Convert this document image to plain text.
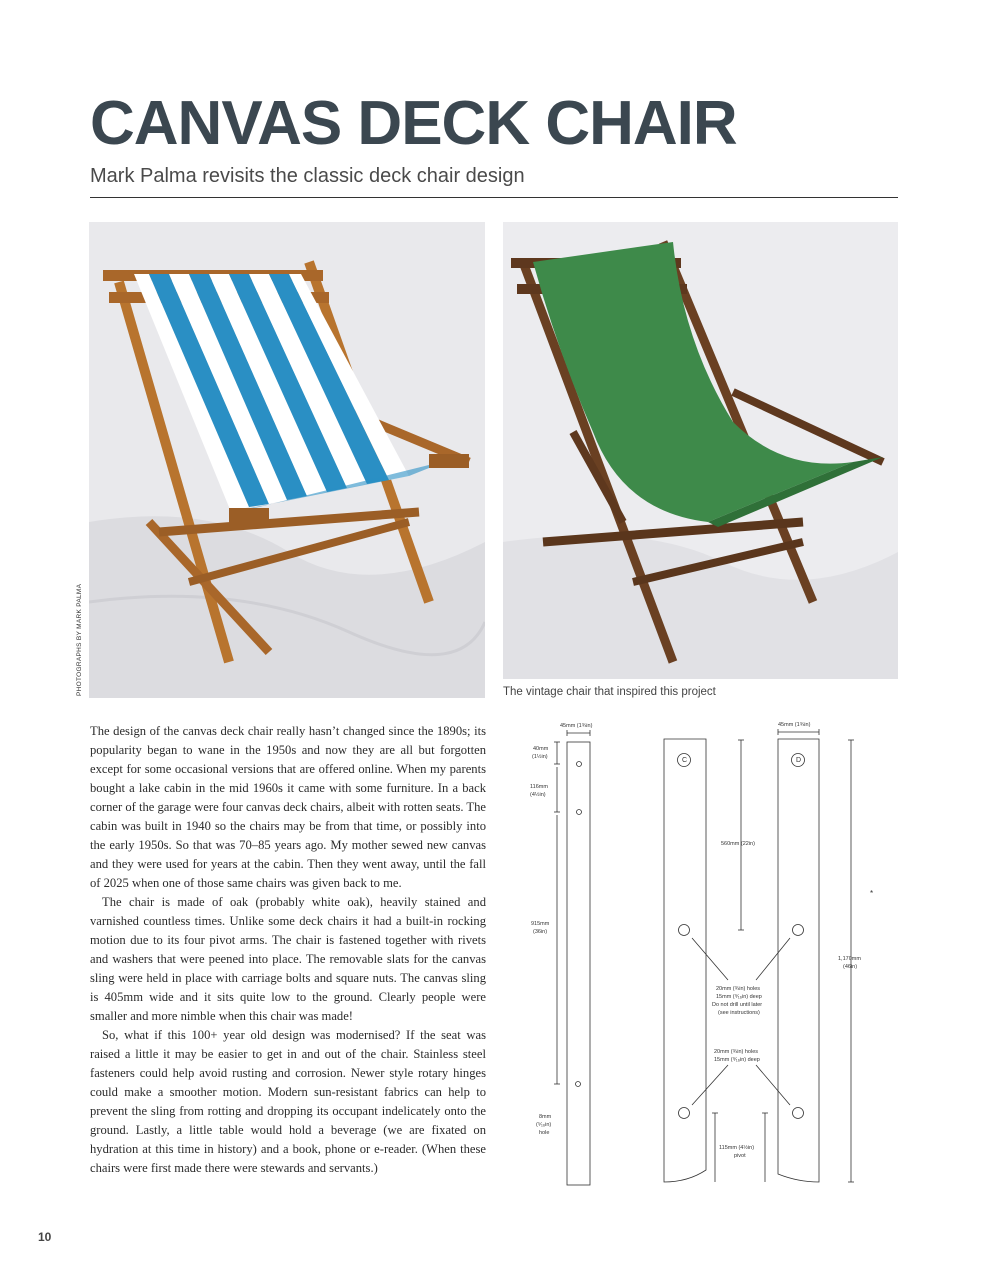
CANVAS DECK CHAIR
Mark Palma revisits the classic deck chair design
PHOTOGRAPHS BY MARK PALMA	The vintage chair that inspired this project

The design of the canvas deck chair really hasn’t changed since the 1890s; its popularity began to wane in the 1950s and now they are all but forgotten except for some occasional versions that are offered online. When my parents bought a lake cabin in the mid 1960s it came with some furniture. In a back corner of the garage were four canvas deck chairs, albeit with rotten seats. The cabin was built in 1940 so the chairs may be from that time, or possibly into the early 1950s. So that was 70–85 years ago. My mother sewed new canvas and they were used for years at the cabin. Then they went away, until the fall of 2025 when one of those same chairs was given back to me.

The chair is made of oak (probably white oak), heavily stained and varnished countless times. Unlike some deck chairs it had a built-in rocking motion due to its four pivot arms. The chair is fastened together with rivets and washers that were peened into place. The removable slats for the canvas sling were held in place with carriage bolts and square nuts. The canvas sling is 405mm wide and it sits quite low to the ground. Clearly people were smaller and more nimble when this chair was made!

So, what if this 100+ year old design was modernised? If the seat was raised a little it may be easier to get in and out of the chair. Stainless steel fasteners could help avoid rusting and corrosion. Newer style rotary hinges could make a smoother motion. Modern sun-resistant fabrics can help to prevent the sling from rotting and dropping its occupant indelicately onto the ground. Lastly, a little table would hold a beverage (we are fixated on hydration at this time in history) and a book, phone or e-reader. (When these chairs were first made there were stewards and servants.)

45mm (1¾in)	45mm (1¾in)
40mm
(1½in)
116mm
(4½in)
915mm
(36in)
8mm
(⁵⁄₁₆in)
hole
560mm (22in)
1,170mm
(46in)
20mm (¾in) holes
15mm (⁹⁄₁₆in) deep
Do not drill until later
(see instructions)
20mm (¾in) holes
15mm (⁹⁄₁₆in) deep
115mm (4½in)
pivot
C	D
*
10
